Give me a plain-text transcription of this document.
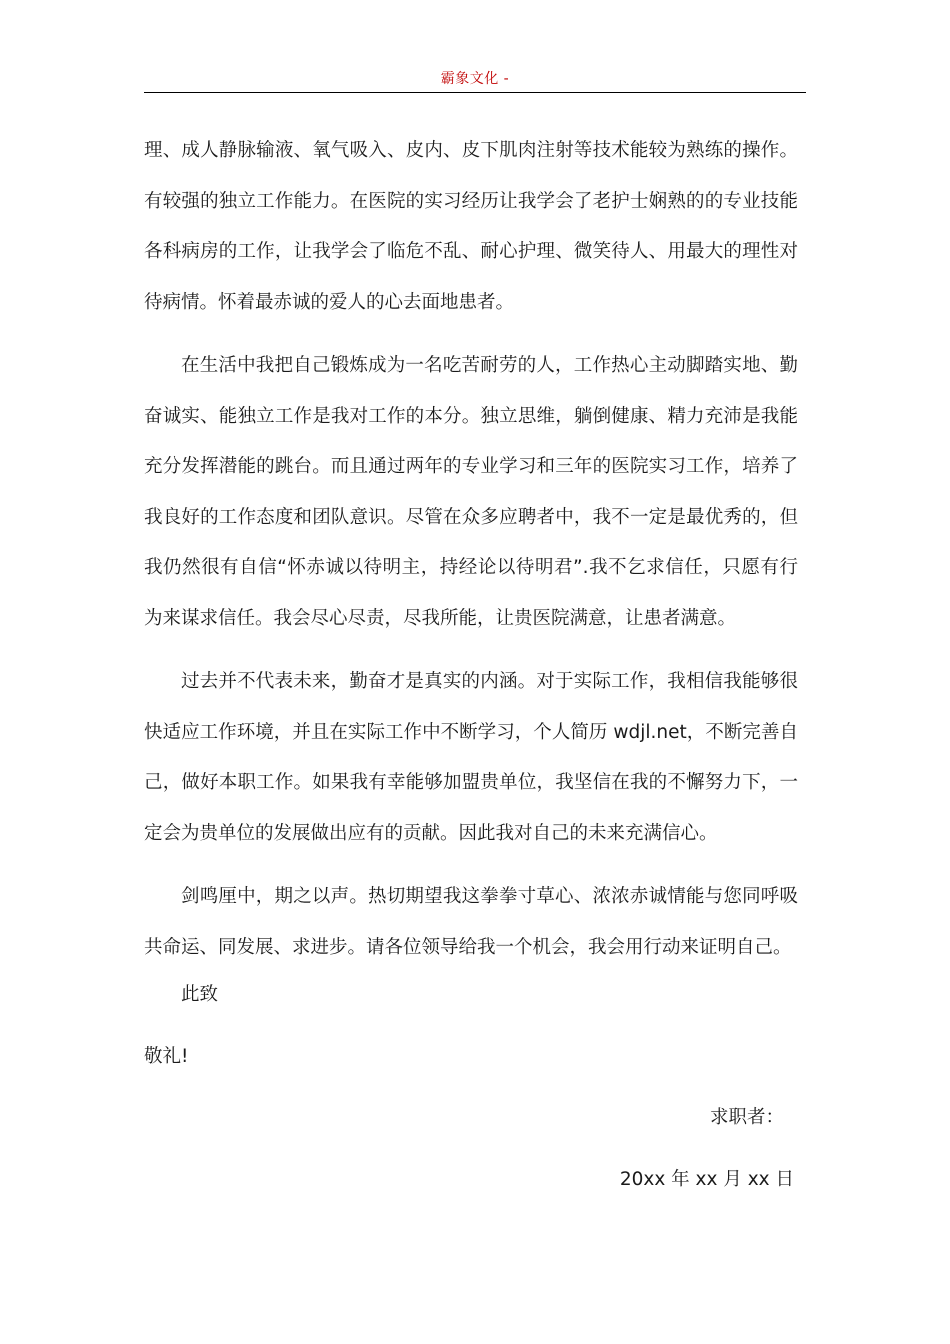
霸象文化 -

理、成人静脉输液、氧气吸入、皮内、皮下肌肉注射等技术能较为熟练的操作。有较强的独立工作能力。在医院的实习经历让我学会了老护士娴熟的的专业技能各科病房的工作，让我学会了临危不乱、耐心护理、微笑待人、用最大的理性对待病情。怀着最赤诚的爱人的心去面地患者。

在生活中我把自己锻炼成为一名吃苦耐劳的人，工作热心主动脚踏实地、勤奋诚实、能独立工作是我对工作的本分。独立思维，躺倒健康、精力充沛是我能充分发挥潜能的跳台。而且通过两年的专业学习和三年的医院实习工作，培养了我良好的工作态度和团队意识。尽管在众多应聘者中，我不一定是最优秀的，但我仍然很有自信“怀赤诚以待明主，持经论以待明君”.我不乞求信任，只愿有行为来谋求信任。我会尽心尽责，尽我所能，让贵医院满意，让患者满意。

过去并不代表未来，勤奋才是真实的内涵。对于实际工作，我相信我能够很快适应工作环境，并且在实际工作中不断学习，个人简历 wdjl.net，不断完善自己，做好本职工作。如果我有幸能够加盟贵单位，我坚信在我的不懈努力下，一定会为贵单位的发展做出应有的贡献。因此我对自己的未来充满信心。

剑鸣厘中，期之以声。热切期望我这拳拳寸草心、浓浓赤诚情能与您同呼吸共命运、同发展、求进步。请各位领导给我一个机会，我会用行动来证明自己。

此致
敬礼!
求职者：
20xx 年 xx 月 xx 日
